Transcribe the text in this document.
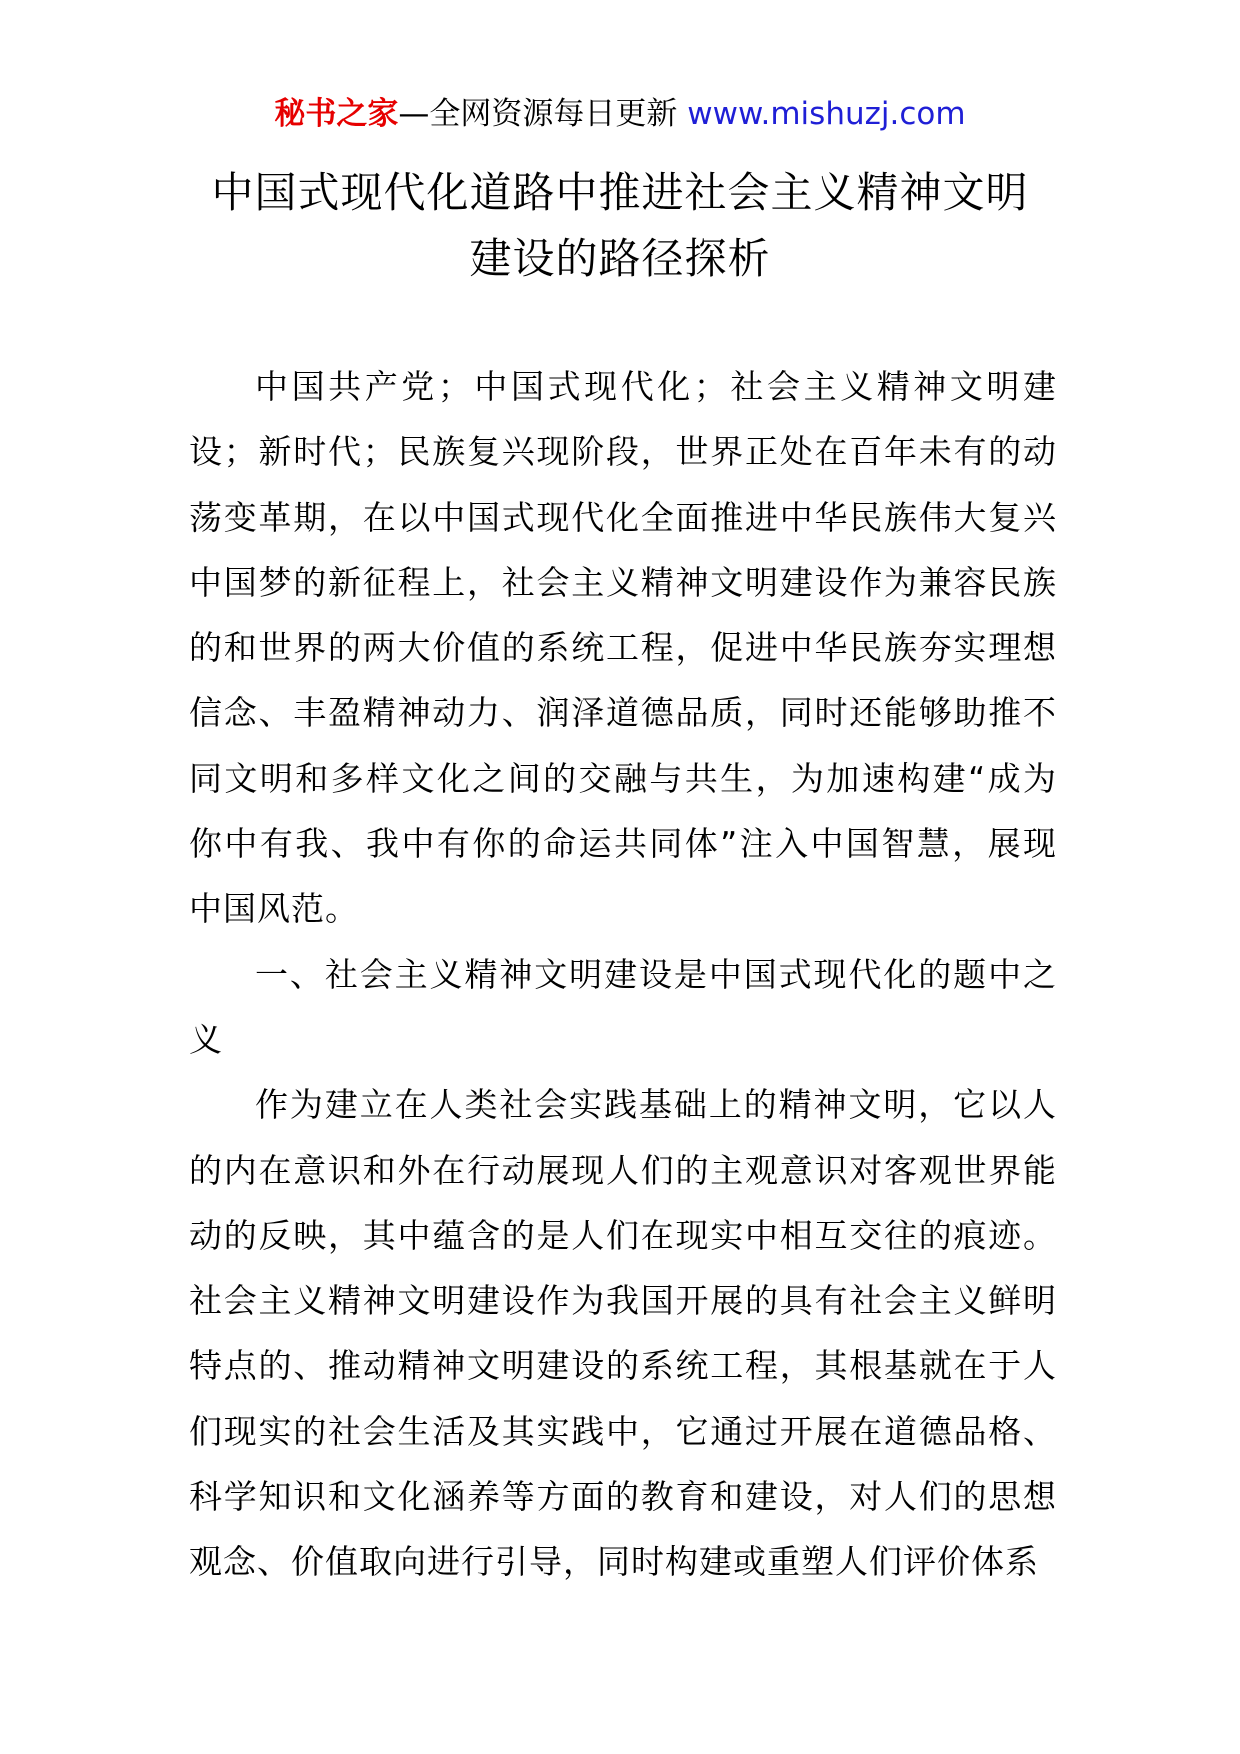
秘书之家—全网资源每日更新 www.mishuzj.com
中国式现代化道路中推进社会主义精神文明
建设的路径探析

中国共产党；中国式现代化；社会主义精神文明建设；新时代；民族复兴现阶段，世界正处在百年未有的动荡变革期，在以中国式现代化全面推进中华民族伟大复兴中国梦的新征程上，社会主义精神文明建设作为兼容民族的和世界的两大价值的系统工程，促进中华民族夯实理想信念、丰盈精神动力、润泽道德品质，同时还能够助推不同文明和多样文化之间的交融与共生，为加速构建“成为你中有我、我中有你的命运共同体”注入中国智慧，展现中国风范。

一、社会主义精神文明建设是中国式现代化的题中之义

作为建立在人类社会实践基础上的精神文明，它以人的内在意识和外在行动展现人们的主观意识对客观世界能动的反映，其中蕴含的是人们在现实中相互交往的痕迹。社会主义精神文明建设作为我国开展的具有社会主义鲜明特点的、推动精神文明建设的系统工程，其根基就在于人们现实的社会生活及其实践中，它通过开展在道德品格、科学知识和文化涵养等方面的教育和建设，对人们的思想观念、价值取向进行引导，同时构建或重塑人们评价体系
